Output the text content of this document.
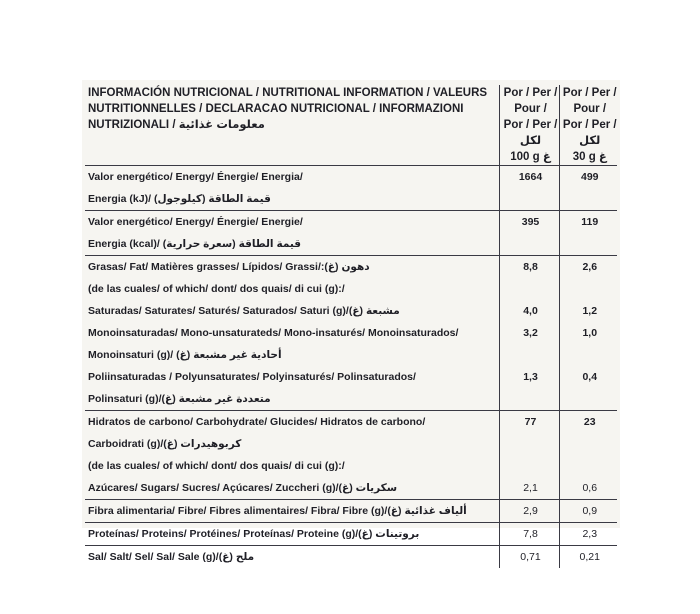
INFORMACIÓN NUTRICIONAL / NUTRITIONAL INFORMATION / VALEURS
NUTRITIONNELLES / DECLARACAO NUTRICIONAL / INFORMAZIONI
NUTRIZIONALI / معلومات غذائية	Por / Per / Pour /
Por / Per / لكل
100 g غ	Por / Per / Pour /
Por / Per / لكل
30 g غ

Valor energético/ Energy/ Énergie/ Energia/
Energia (kJ)/ (كيلوجول) قيمة الطاقة	1664	499

Valor energético/ Energy/ Énergie/ Energie/
Energia (kcal)/ (سعرة حرارية) قيمة الطاقة	395	119

Grasas/ Fat/ Matières grasses/ Lípidos/ Grassi/:(غ) دهون	8,8	2,6

(de las cuales/ of which/ dont/ dos quais/ di cui (g):/		

Saturadas/ Saturates/ Saturés/ Saturados/ Saturi (g)/(غ) مشبعة	4,0	1,2

Monoinsaturadas/ Mono-unsaturateds/ Mono-insaturés/ Monoinsaturados/
Monoinsaturi (g)/ (غ) أحادية غير مشبعة	3,2	1,0

Poliinsaturadas / Polyunsaturates/ Polyinsaturés/ Polinsaturados/
Polinsaturi (g)/(غ) متعددة غير مشبعة	1,3	0,4

Hidratos de carbono/ Carbohydrate/ Glucides/ Hidratos de carbono/
Carboidrati (g)/(غ) كربوهيدرات	77	23

(de las cuales/ of which/ dont/ dos quais/ di cui (g):/		

Azúcares/ Sugars/ Sucres/ Açúcares/ Zuccheri (g)/(غ) سكريات	2,1	0,6

Fibra alimentaria/ Fibre/ Fibres alimentaires/ Fibra/ Fibre (g)/(غ) ألياف غذائية	2,9	0,9

Proteínas/ Proteins/ Protéines/ Proteínas/ Proteine (g)/(غ) بروتينات	7,8	2,3

Sal/ Salt/ Sel/ Sal/ Sale (g)/(غ) ملح	0,71	0,21
